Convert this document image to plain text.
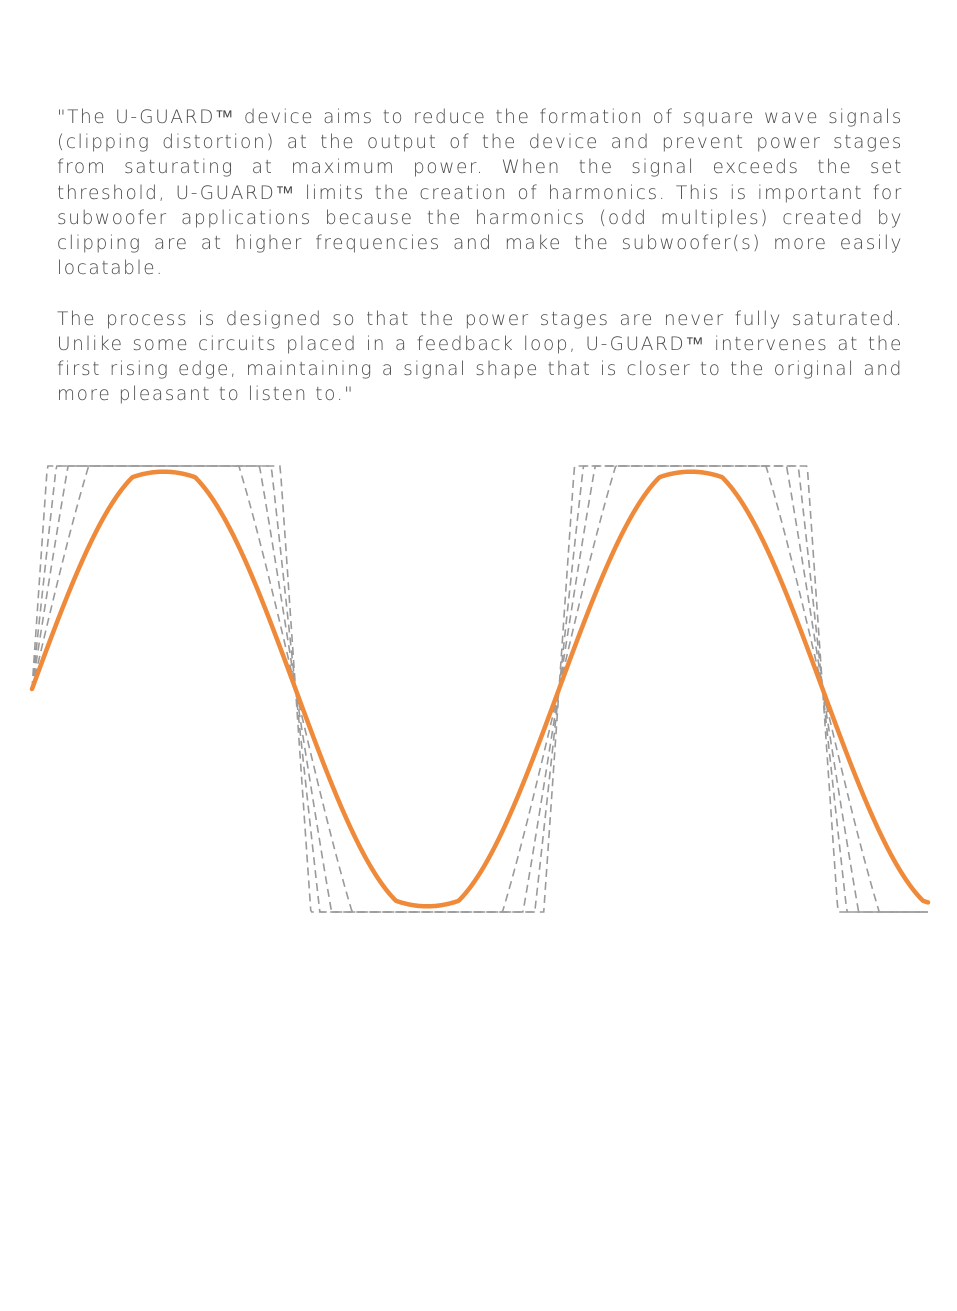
"The U-GUARD™ device aims to reduce the formation of square wave signals (clipping distortion) at the output of the device and prevent power stages from saturating at maximum power. When the signal exceeds the set threshold, U-GUARD™ limits the creation of harmonics. This is important for subwoofer applications because the harmonics (odd multiples) created by clipping are at higher frequencies and make the subwoofer(s) more easily locatable.

The process is designed so that the power stages are never fully saturated. Unlike some circuits placed in a feedback loop, U-GUARD™ intervenes at the first rising edge, maintaining a signal shape that is closer to the original and more pleasant to listen to."
